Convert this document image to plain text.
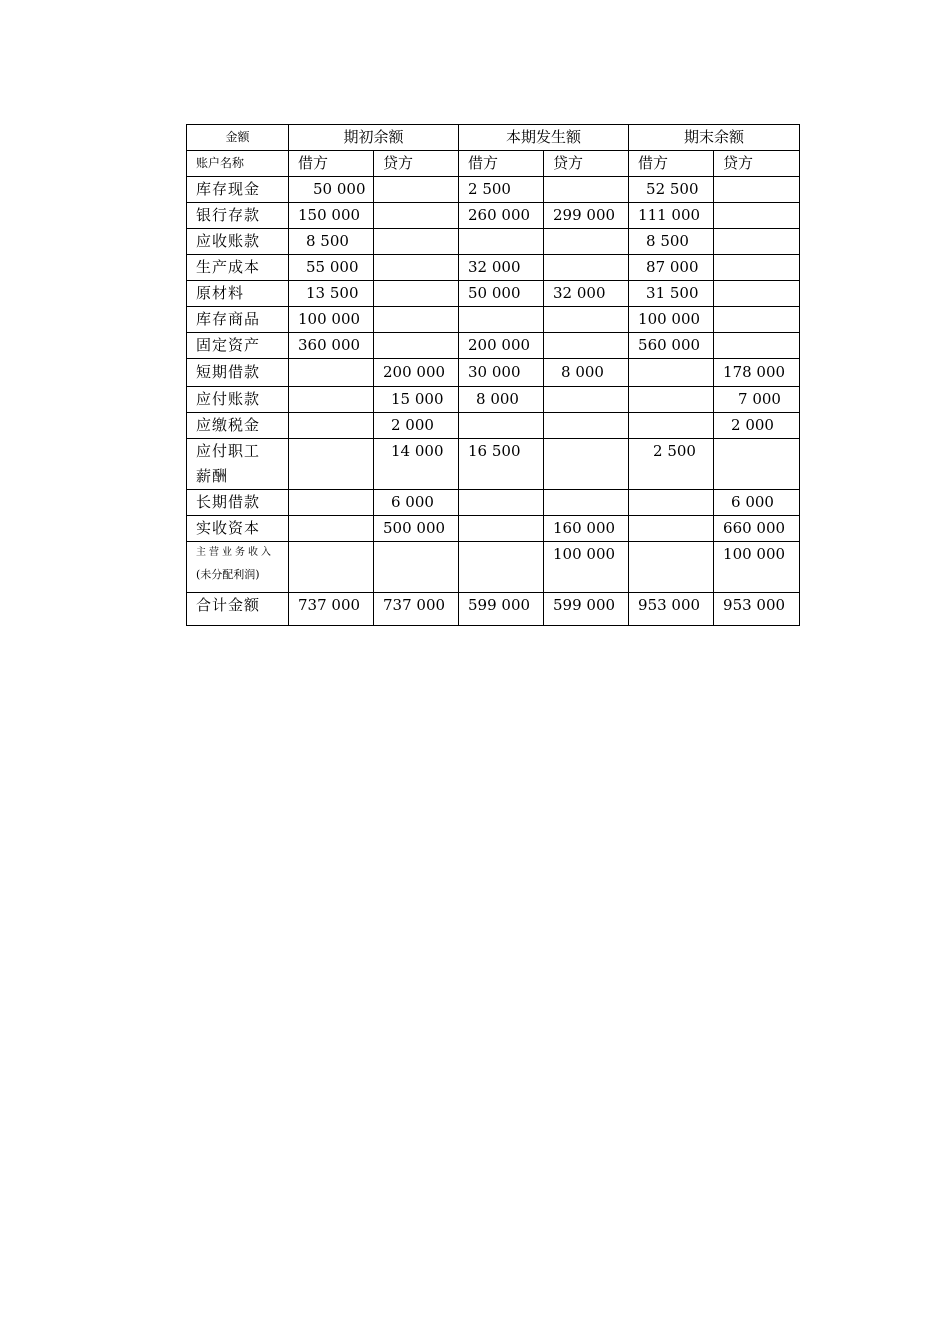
金额	期初余额		本期发生额		期末余额	
账户名称	借方	贷方	借方	贷方	借方	贷方
库存现金	50 000		2 500		52 500	
银行存款	150 000		260 000	299 000	111 000	
应收账款	8 500				8 500	
生产成本	55 000		32 000		87 000	
原材料	13 500		50 000	32 000	31 500	
库存商品	100 000				100 000	
固定资产	360 000		200 000		560 000	
短期借款		200 000	30 000	8 000		178 000
应付账款		15 000	8 000			7 000
应缴税金		2 000				2 000

应付职工
薪酬		14 000	16 500		2 500	
长期借款		6 000				6 000
实收资本		500 000		160 000		660 000

主营业务收入
(未分配利润)				100 000		100 000
合计金额	737 000	737 000	599 000	599 000	953 000	953 000
